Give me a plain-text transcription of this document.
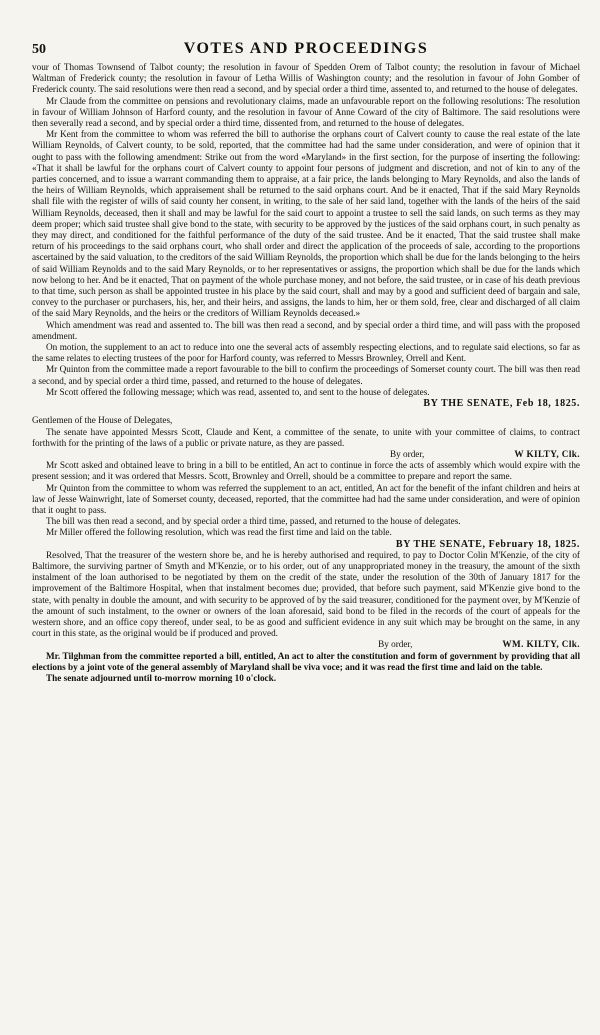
50	VOTES AND PROCEEDINGS

vour of Thomas Townsend of Talbot county; the resolution in favour of Spedden Orem of Talbot county; the resolution in favour of Michael Waltman of Frederick county; the resolution in favour of Letha Willis of Washington county; and the resolution in favour of John Gomber of Frederick county. The said resolutions were then read a second, and by special order a third time, assented to, and returned to the house of delegates.

Mr Claude from the committee on pensions and revolutionary claims, made an unfavourable report on the following resolutions: The resolution in favour of William Johnson of Harford county, and the resolution in favour of Anne Coward of the city of Baltimore. The said resolutions were then severally read a second, and by special order a third time, dissented from, and returned to the house of delegates.

Mr Kent from the committee to whom was referred the bill to authorise the orphans court of Calvert county to cause the real estate of the late William Reynolds, of Calvert county, to be sold, reported, that the committee had had the same under consideration, and were of opinion that it ought to pass with the following amendment: Strike out from the word «Maryland» in the first section, for the purpose of inserting the following: «That it shall be lawful for the orphans court of Calvert county to appoint four persons of judgment and discretion, and not of kin to any of the parties concerned, and to issue a warrant commanding them to appraise, at a fair price, the lands belonging to Mary Reynolds, and also the lands of the heirs of William Reynolds, which appraisement shall be returned to the said orphans court. And be it enacted, That if the said Mary Reynolds shall file with the register of wills of said county her consent, in writing, to the sale of her said land, together with the lands of the heirs of the said William Reynolds, deceased, then it shall and may be lawful for the said court to appoint a trustee to sell the said lands, on such terms as they may deem proper; which said trustee shall give bond to the state, with security to be approved by the justices of the said orphans court, in such penalty as they may direct, and conditioned for the faithful performance of the duty of the said trustee. And be it enacted, That the said trustee shall make return of his proceedings to the said orphans court, who shall order and direct the application of the proceeds of sale, according to the proportions ascertained by the said valuation, to the creditors of the said William Reynolds, the proportion which shall be due for the lands belonging to the heirs of said William Reynolds and to the said Mary Reynolds, or to her representatives or assigns, the proportion which shall be due for the lands which now belong to her. And be it enacted, That on payment of the whole purchase money, and not before, the said trustee, or in case of his death previous to that time, such person as shall be appointed trustee in his place by the said court, shall and may by a good and sufficient deed of bargain and sale, convey to the purchaser or purchasers, his, her, and their heirs, and assigns, the lands to him, her or them sold, free, clear and discharged of all claim of the said Mary Reynolds, and the heirs or the creditors of William Reynolds deceased.»

Which amendment was read and assented to. The bill was then read a second, and by special order a third time, and will pass with the proposed amendment.

On motion, the supplement to an act to reduce into one the several acts of assembly respecting elections, and to regulate said elections, so far as the same relates to electing trustees of the poor for Harford county, was referred to Messrs Brownley, Orrell and Kent.

Mr Quinton from the committee made a report favourable to the bill to confirm the proceedings of Somerset county court. The bill was then read a second, and by special order a third time, passed, and returned to the house of delegates.

Mr Scott offered the following message; which was read, assented to, and sent to the house of delegates.

BY THE SENATE, Feb 18, 1825.

Gentlemen of the House of Delegates,

The senate have appointed Messrs Scott, Claude and Kent, a committee of the senate, to unite with your committee of claims, to contract forthwith for the printing of the laws of a public or private nature, as they are passed.

By order,	W KILTY, Clk.

Mr Scott asked and obtained leave to bring in a bill to be entitled, An act to continue in force the acts of assembly which would expire with the present session; and it was ordered that Messrs. Scott, Brownley and Orrell, should be a committee to prepare and report the same.

Mr Quinton from the committee to whom was referred the supplement to an act, entitled, An act for the benefit of the infant children and heirs at law of Jesse Wainwright, late of Somerset county, deceased, reported, that the committee had had the same under consideration, and were of opinion that it ought to pass.

The bill was then read a second, and by special order a third time, passed, and returned to the house of delegates.

Mr Miller offered the following resolution, which was read the first time and laid on the table.

BY THE SENATE, February 18, 1825.

Resolved, That the treasurer of the western shore be, and he is hereby authorised and required, to pay to Doctor Colin M'Kenzie, of the city of Baltimore, the surviving partner of Smyth and M'Kenzie, or to his order, out of any unappropriated money in the treasury, the amount of the sixth instalment of the loan authorised to be negotiated by them on the credit of the state, under the resolution of the 30th of January 1817 for the improvement of the Baltimore Hospital, when that instalment becomes due; provided, that before such payment, said M'Kenzie give bond to the state, with penalty in double the amount, and with security to be approved of by the said treasurer, conditioned for the payment over, by M'Kenzie of the amount of such instalment, to the owner or owners of the loan aforesaid, said bond to be filed in the records of the court of appeals for the western shore, and an office copy thereof, under seal, to be as good and sufficient evidence in any suit which may be brought on the same, in any court in this state, as the original would be if produced and proved.

By order,	WM. KILTY, Clk.

Mr. Tilghman from the committee reported a bill, entitled, An act to alter the constitution and form of government by providing that all elections by a joint vote of the general assembly of Maryland shall be viva voce; and it was read the first time and laid on the table.

The senate adjourned until to-morrow morning 10 o'clock.
